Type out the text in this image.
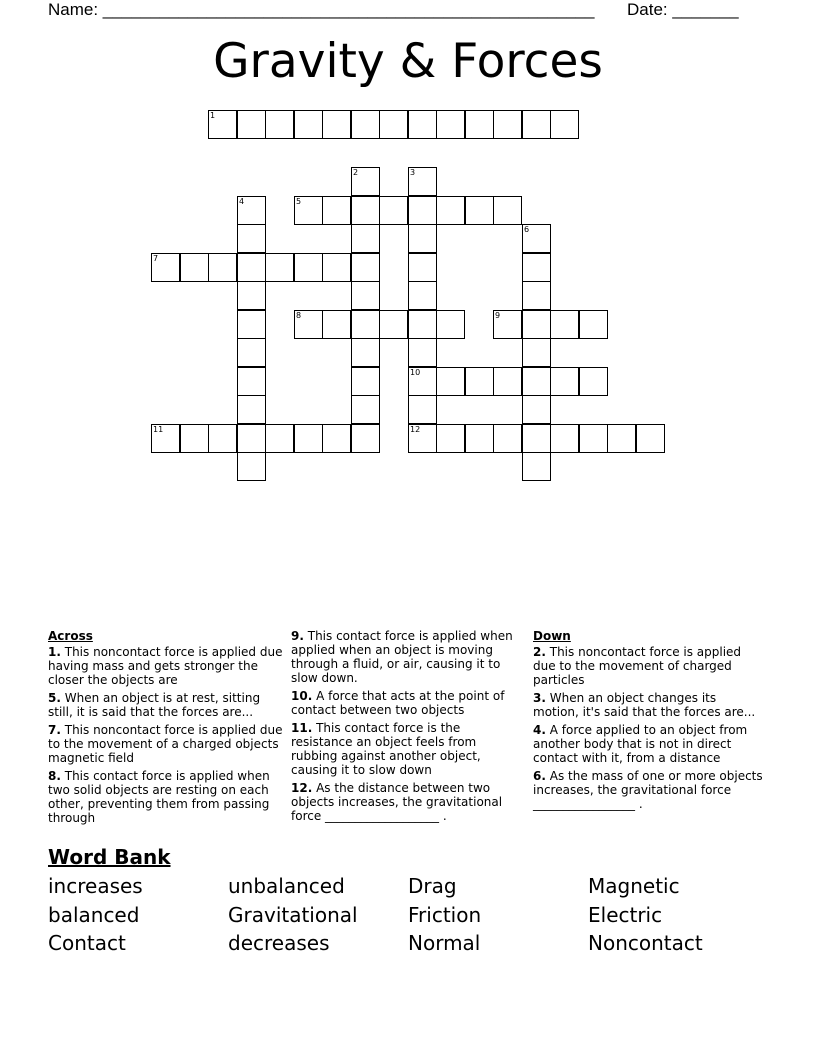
Name: ____________________________________________________ Date: _______
Gravity & Forces
1
2	3
4	5
6
7
8	9
10
11	12
Across
1. This noncontact force is applied due having mass and gets stronger the closer the objects are
5. When an object is at rest, sitting still, it is said that the forces are...
7. This noncontact force is applied due to the movement of a charged objects magnetic field
8. This contact force is applied when two solid objects are resting on each other, preventing them from passing through
9. This contact force is applied when applied when an object is moving through a fluid, or air, causing it to slow down.
10. A force that acts at the point of contact between two objects
11. This contact force is the resistance an object feels from rubbing against another object, causing it to slow down
12. As the distance between two objects increases, the gravitational force ___________________ .
Down
2. This noncontact force is applied due to the movement of charged particles
3. When an object changes its motion, it's said that the forces are...
4. A force applied to an object from another body that is not in direct contact with it, from a distance
6. As the mass of one or more objects increases, the gravitational force _________________ .
Word Bank
increases	unbalanced	Drag	Magnetic
balanced	Gravitational	Friction	Electric
Contact	decreases	Normal	Noncontact
